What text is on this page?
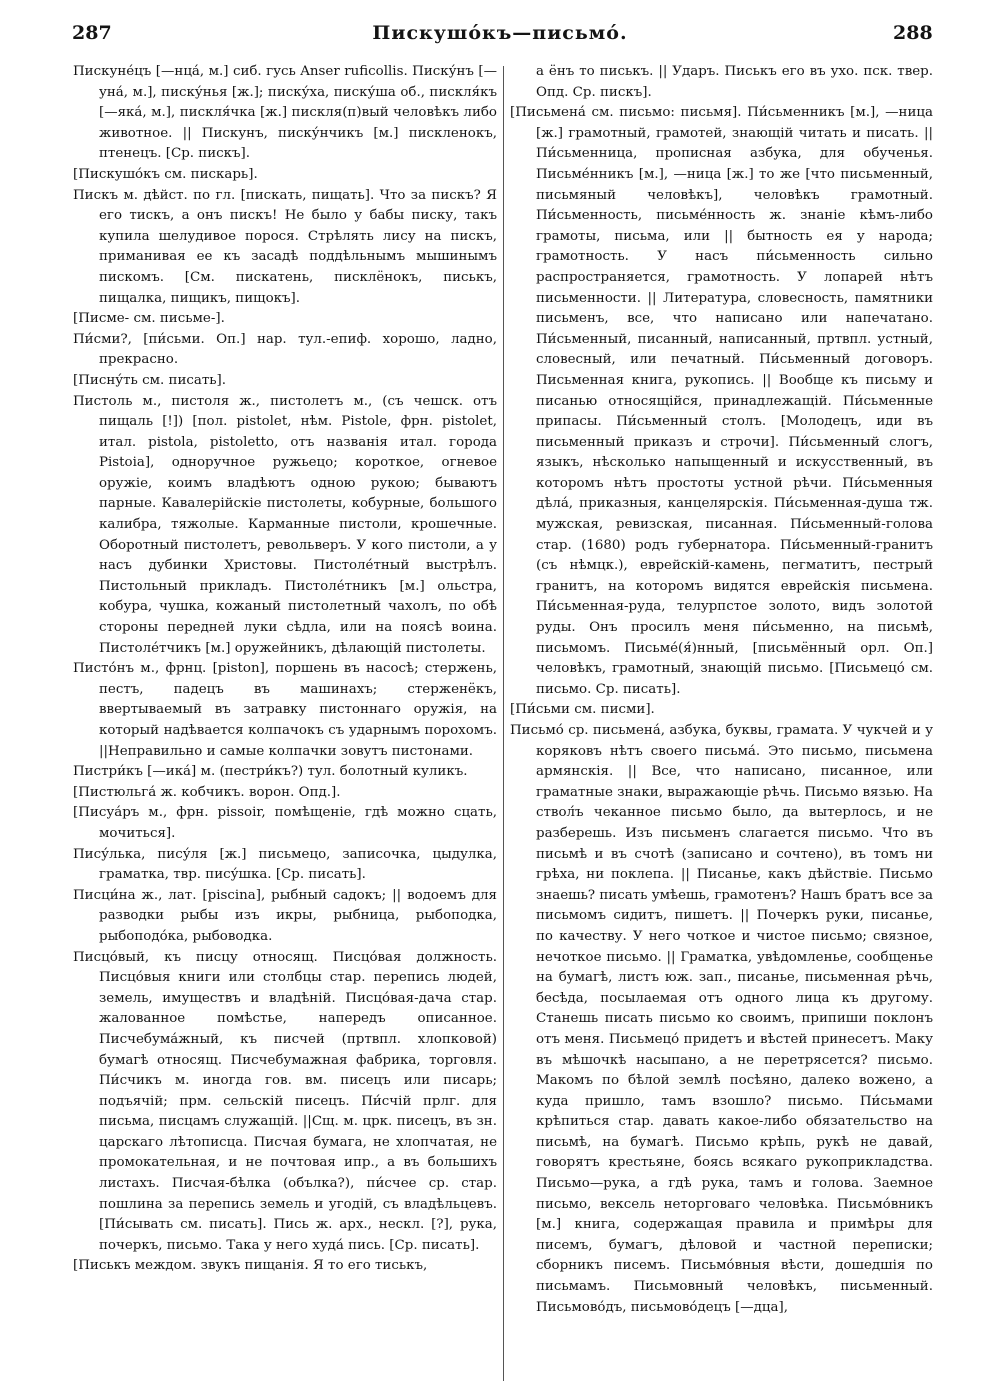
287	Пискушо́къ—письмо́.	288

Пискуне́цъ [—нца́, м.] сиб. гусь Anser ruficollis. Писку́нъ [—уна́, м.], писку́нья [ж.]; писку́ха, писку́ша об., пискля́къ [—яка́, м.], пискля́чка [ж.] пискля(п)вый человѣкъ либо животное. || Пискунъ, писку́нчикъ [м.] пискленокъ, птенецъ. [Ср. пискъ].

[Пискушо́къ см. пискарь].

Пискъ м. дѣйст. по гл. [пискать, пищать]. Что за пискъ? Я его тискъ, а онъ пискъ! Не было у бабы писку, такъ купила шелудивое порося. Стрѣлять лису на пискъ, приманивая ее къ засадѣ поддѣльнымъ мышинымъ пискомъ. [См. пискатень, писклёнокъ, писькъ, пищалка, пищикъ, пищокъ].

[Писме- см. письме-].

Пи́сми?, [пи́сьми. Оп.] нар. тул.-епиф. хорошо, ладно, прекрасно.

[Писну́ть см. писать].

Пистоль м., пистоля ж., пистолетъ м., (съ чешск. отъ пищаль [!]) [пол. pistolet, нѣм. Pistole, фрн. pistolet, итал. pistola, pistoletto, отъ названія итал. города Pistoia], одноручное ружьецо; короткое, огневое оружіе, коимъ владѣютъ одною рукою; бываютъ парные. Кавалерійскіе пистолеты, кобурные, большого калибра, тяжолые. Карманные пистоли, крошечные. Оборотный пистолетъ, револьверъ. У кого пистоли, а у насъ дубинки Христовы. Пистоле́тный выстрѣлъ. Пистольный прикладъ. Пистоле́тникъ [м.] ольстра, кобура, чушка, кожаный пистолетный чахолъ, по обѣ стороны передней луки сѣдла, или на поясѣ воина. Пистоле́тчикъ [м.] оружейникъ, дѣлающій пистолеты.

Писто́нъ м., фрнц. [piston], поршень въ насосѣ; стержень, пестъ, падецъ въ машинахъ; стерженёкъ, ввертываемый въ затравку пистоннаго оружія, на который надѣвается колпачокъ съ ударнымъ порохомъ. ||Неправильно и самые колпачки зовутъ пистонами.

Пистри́къ [—ика́] м. (пестри́къ?) тул. болотный куликъ.

[Пистюльга́ ж. кобчикъ. ворон. Опд.].

[Писуа́ръ м., фрн. pissoir, помѣщеніе, гдѣ можно сцать, мочиться].

Пису́лька, пису́ля [ж.] письмецо, записочка, цыдулка, граматка, твр. пису́шка. [Ср. писать].

Писци́на ж., лат. [piscina], рыбный садокъ; || водоемъ для разводки рыбы изъ икры, рыбница, рыбоподка, рыбоподо́ка, рыбоводка.

Писцо́вый, къ писцу относящ. Писцо́вая должность. Писцо́выя книги или столбцы стар. перепись людей, земель, имуществъ и владѣній. Писцо́вая-дача стар. жалованное помѣстье, напередъ описанное. Писчебума́жный, къ писчей (пртвпл. хлопковой) бумагѣ относящ. Писчебумажная фабрика, торговля. Пи́счикъ м. иногда гов. вм. писецъ или писарь; подъячій; прм. сельскій писецъ. Пи́счій прлг. для письма, писцамъ служащій. ||Сщ. м. црк. писецъ, въ зн. царскаго лѣтописца. Писчая бумага, не хлопчатая, не промокательная, и не почтовая ипр., а въ большихъ листахъ. Писчая-бѣлка (обълка?), пи́счее ср. стар. пошлина за перепись земель и угодій, съ владѣльцевъ. [Пи́сывать см. писать]. Пись ж. арх., нескл. [?], рука, почеркъ, письмо. Така у него худа́ пись. [Ср. писать].

[Писькъ междом. звукъ пищанія. Я то его тиськъ,

а ёнъ то писькъ. || Ударъ. Писькъ его въ ухо. пск. твер. Опд. Ср. пискъ].

[Письмена́ см. письмо: письмя]. Пи́сьменникъ [м.], —ница [ж.] грамотный, грамотей, знающій читать и писать. || Пи́сьменница, прописная азбука, для обученья. Письме́нникъ [м.], —ница [ж.] то же [что письменный, письмяный человѣкъ], человѣкъ грамотный. Пи́сьменность, письме́нность ж. знаніе кѣмъ-либо грамоты, письма, или || бытность ея у народа; грамотность. У насъ пи́сьменность сильно распространяется, грамотность. У лопарей нѣтъ письменности. || Литература, словесность, памятники письменъ, все, что написано или напечатано. Пи́сьменный, писанный, написанный, пртвпл. устный, словесный, или печатный. Пи́сьменный договоръ. Письменная книга, рукопись. || Вообще къ письму и писанью относящійся, принадлежащій. Пи́сьменные припасы. Пи́сьменный столъ. [Молодецъ, иди въ письменный приказъ и строчи]. Пи́сьменный слогъ, языкъ, нѣсколько напыщенный и искусственный, въ которомъ нѣтъ простоты устной рѣчи. Пи́сьменныя дѣла́, приказныя, канцелярскія. Пи́сьменная-душа тж. мужская, ревизская, писанная. Пи́сьменный-голова стар. (1680) родъ губернатора. Пи́сьменный-гранитъ (съ нѣмцк.), еврейскій-камень, пегматитъ, пестрый гранитъ, на которомъ видятся еврейскія письмена. Пи́сьменная-руда, телурпстое золото, видъ золотой руды. Онъ просилъ меня пи́сьменно, на письмѣ, письмомъ. Письме́(я́)нный, [письмённый орл. Оп.] человѣкъ, грамотный, знающій письмо. [Письмецо́ см. письмо. Ср. писать].

[Пи́сьми см. писми].

Письмо́ ср. письмена́, азбука, буквы, грамата. У чукчей и у коряковъ нѣтъ своего письма́. Это письмо, письмена армянскія. || Все, что написано, писанное, или граматные знаки, выражающіе рѣчь. Письмо вязью. На ствол́ъ чеканное письмо было, да вытерлось, и не разберешь. Изъ письменъ слагается письмо. Что въ письмѣ и въ счотѣ (записано и сочтено), въ томъ ни грѣха, ни поклепа. || Писанье, какъ дѣйствіе. Письмо знаешь? писать умѣешь, грамотенъ? Нашъ братъ все за письмомъ сидитъ, пишетъ. || Почеркъ руки, писанье, по качеству. У него чоткое и чистое письмо; связное, нечоткое письмо. || Граматка, увѣдомленье, сообщенье на бумагѣ, листъ юж. зап., писанье, письменная рѣчь, бесѣда, посылаемая отъ одного лица къ другому. Станешь писать письмо ко своимъ, припиши поклонъ отъ меня. Письмецо́ придетъ и вѣстей принесетъ. Маку въ мѣшочкѣ насыпано, а не перетрясется? письмо. Макомъ по бѣлой землѣ посѣяно, далеко вожено, а куда пришло, тамъ взошло? письмо. Пи́сьмами крѣпиться стар. давать какое-либо обязательство на письмѣ, на бумагѣ. Письмо крѣпь, рукѣ не давай, говорятъ крестьяне, боясь всякаго рукоприкладства. Письмо—рука, а гдѣ рука, тамъ и голова. Заемное письмо, вексель неторговаго человѣка. Письмо́вникъ [м.] книга, содержащая правила и примѣры для писемъ, бумагъ, дѣловой и частной переписки; сборникъ писемъ. Письмо́вныя вѣсти, дошедшія по письмамъ. Письмовный человѣкъ, письменный. Письмово́дъ, письмово́децъ [—дца],
